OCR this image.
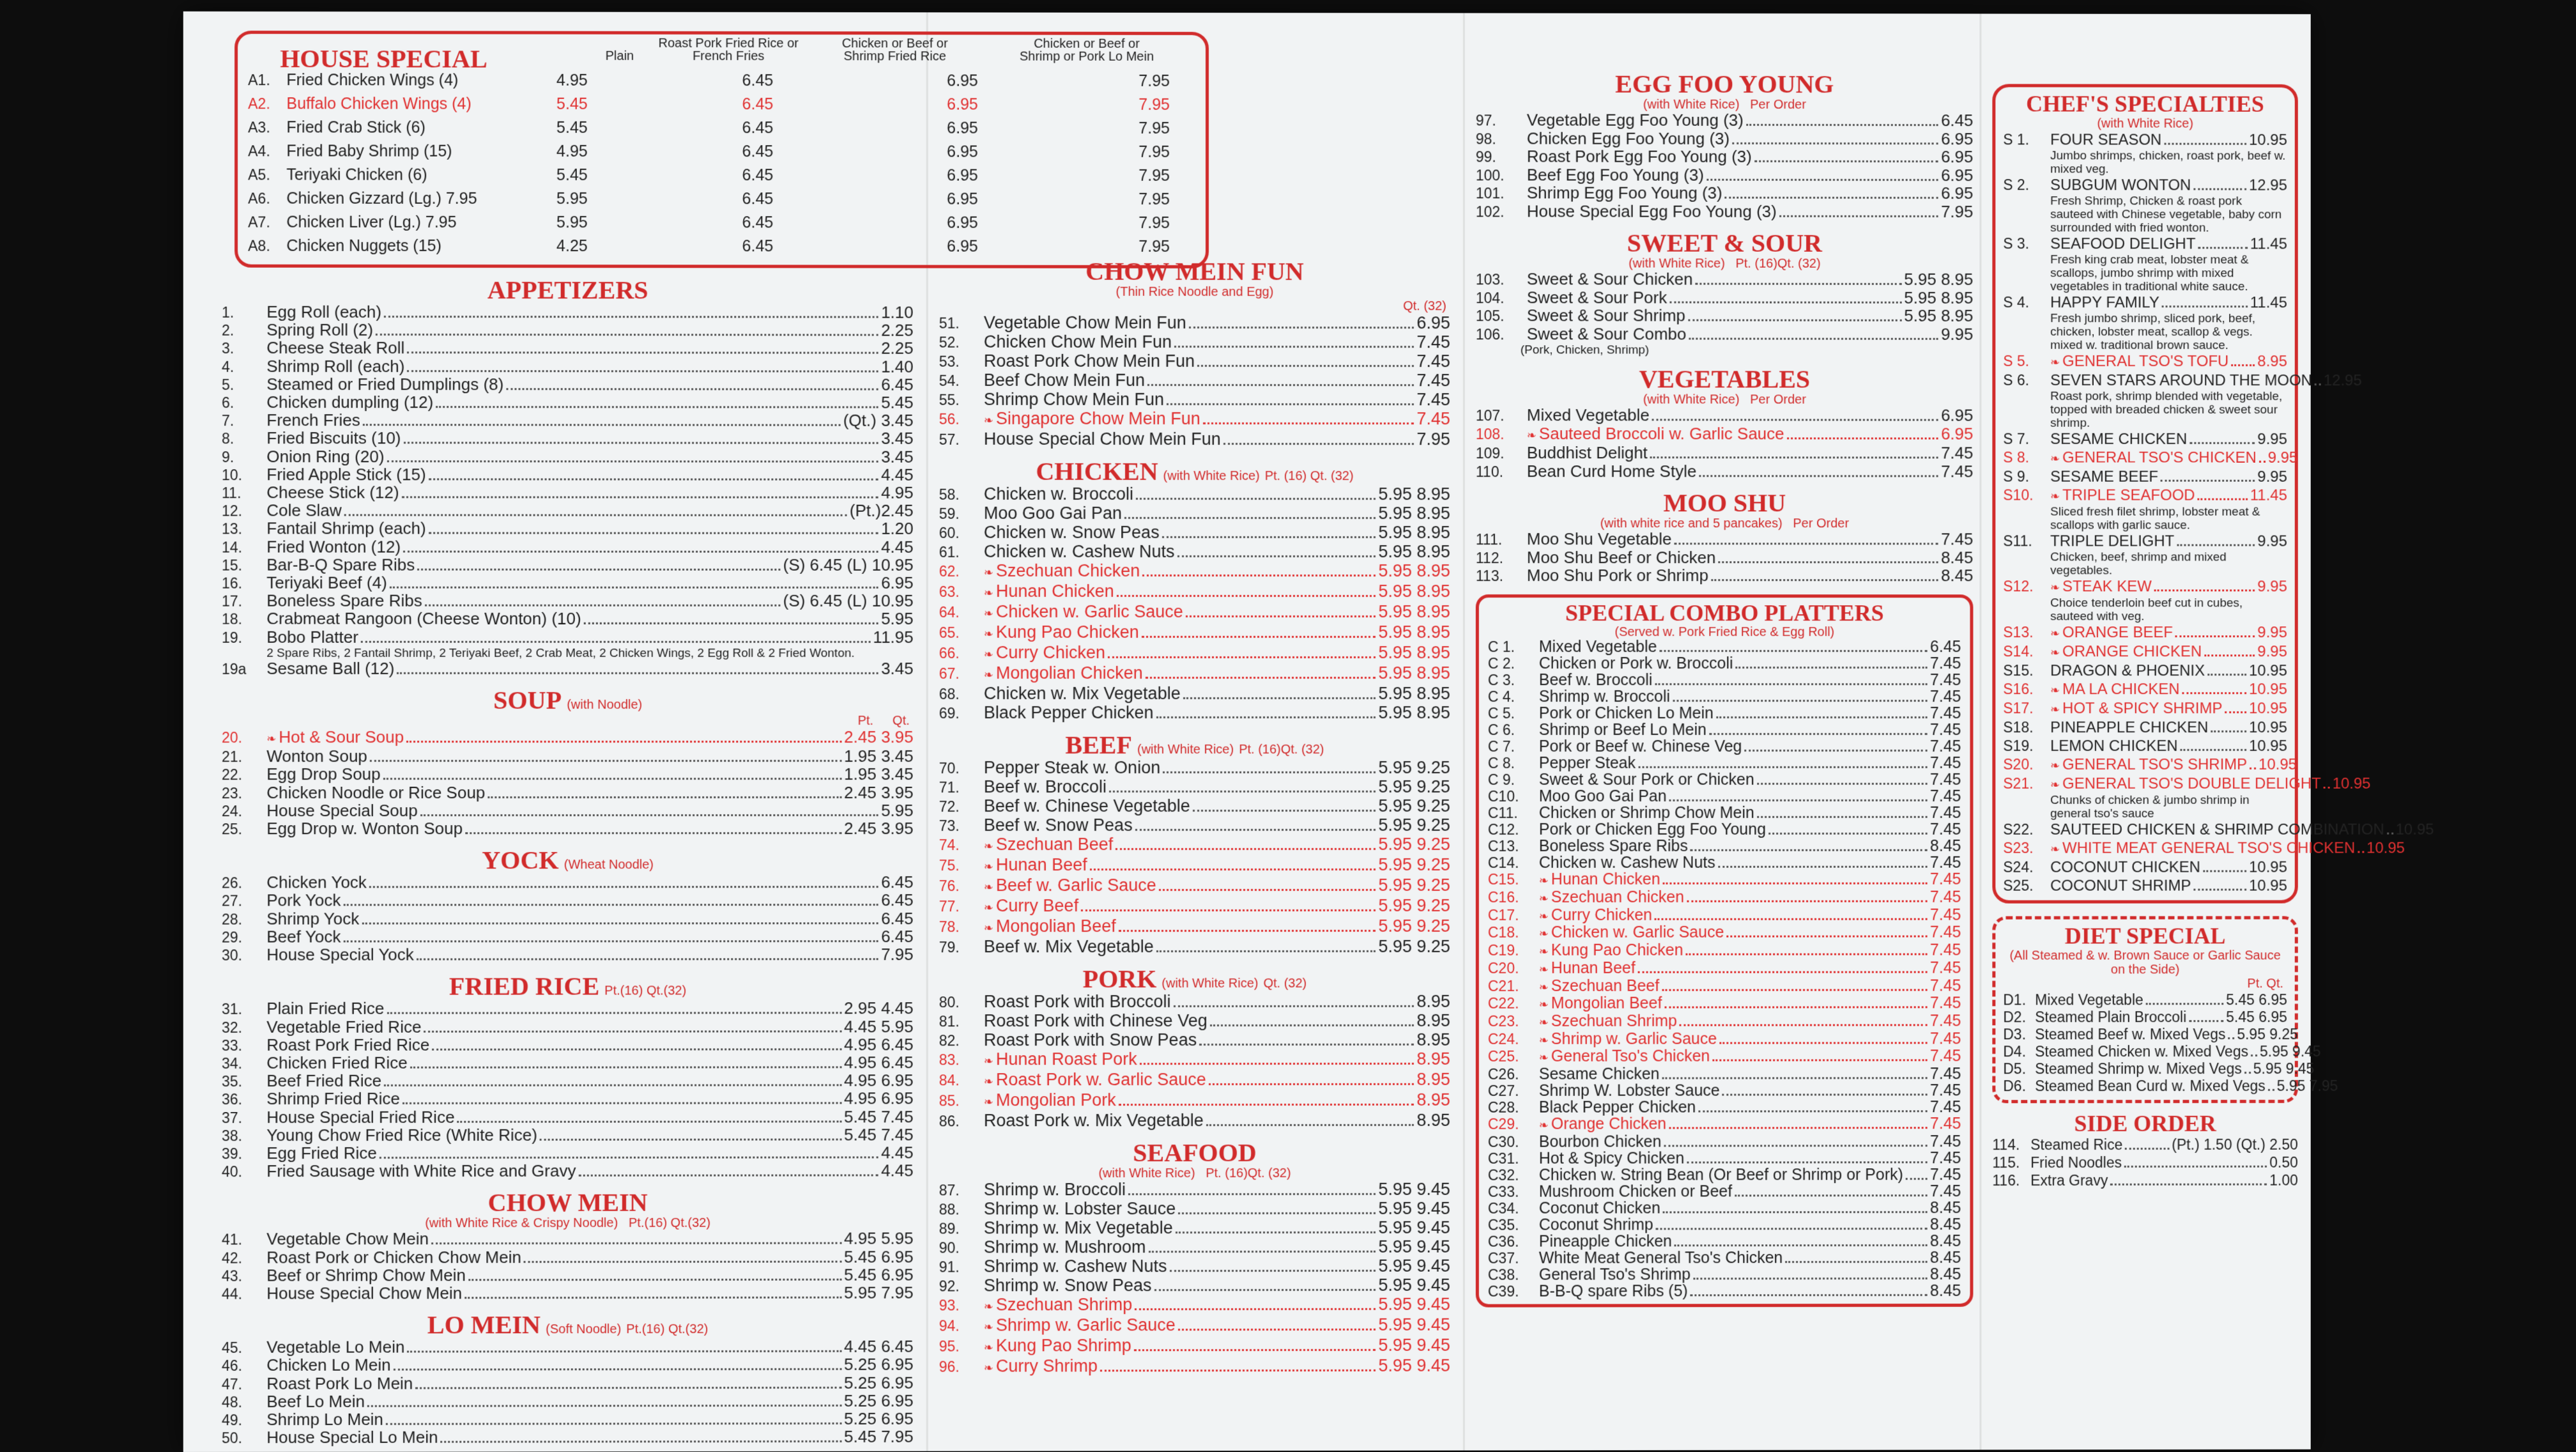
HOUSE SPECIAL	Plain
Roast Pork Fried Rice or French Fries
Chicken or Beef or Shrimp Fried Rice
Chicken or Beef or Shrimp or Pork Lo Mein
A1.	Fried Chicken Wings (4)	4.95	6.45	6.95	7.95
A2.	Buffalo Chicken Wings (4)	5.45	6.45	6.95	7.95
A3.	Fried Crab Stick (6)	5.45	6.45	6.95	7.95
A4.	Fried Baby Shrimp (15)	4.95	6.45	6.95	7.95
A5.	Teriyaki Chicken (6)	5.45	6.45	6.95	7.95
A6.	Chicken Gizzard (Lg.) 7.95	5.95	6.45	6.95	7.95
A7.	Chicken Liver (Lg.) 7.95	5.95	6.45	6.95	7.95
A8.	Chicken Nuggets (15)	4.25	6.45	6.95	7.95
APPETIZERS
1.	Egg Roll (each)	1.10
2.	Spring Roll (2)	2.25
3.	Cheese Steak Roll	2.25
4.	Shrimp Roll (each)	1.40
5.	Steamed or Fried Dumplings (8)	6.45
6.	Chicken dumpling (12)	5.45
7.	French Fries	(Qt.) 3.45
8.	Fried Biscuits (10)	3.45
9.	Onion Ring (20)	3.45
10.	Fried Apple Stick (15)	4.45
11.	Cheese Stick (12)	4.95
12.	Cole Slaw	(Pt.)2.45
13.	Fantail Shrimp (each)	1.20
14.	Fried Wonton (12)	4.45
15.	Bar-B-Q Spare Ribs	(S) 6.45 (L) 10.95
16.	Teriyaki Beef (4)	6.95
17.	Boneless Spare Ribs	(S) 6.45 (L) 10.95
18.	Crabmeat Rangoon (Cheese Wonton) (10)	5.95
19.	Bobo Platter	11.95
2 Spare Ribs, 2 Fantail Shrimp, 2 Teriyaki Beef, 2 Crab Meat, 2 Chicken Wings, 2 Egg Roll & 2 Fried Wonton.
19a	Sesame Ball (12)	3.45
SOUP (with Noodle)
Pt. Qt.
20.	❧ Hot & Sour Soup	2.45 3.95
21.	Wonton Soup	1.95 3.45
22.	Egg Drop Soup	1.95 3.45
23.	Chicken Noodle or Rice Soup	2.45 3.95
24.	House Special Soup	5.95
25.	Egg Drop w. Wonton Soup	2.45 3.95
YOCK (Wheat Noodle)
26.	Chicken Yock	6.45
27.	Pork Yock	6.45
28.	Shrimp Yock	6.45
29.	Beef Yock	6.45
30.	House Special Yock	7.95
FRIED RICE Pt.(16) Qt.(32)
31.	Plain Fried Rice	2.95 4.45
32.	Vegetable Fried Rice	4.45 5.95
33.	Roast Pork Fried Rice	4.95 6.45
34.	Chicken Fried Rice	4.95 6.45
35.	Beef Fried Rice	4.95 6.95
36.	Shrimp Fried Rice	4.95 6.95
37.	House Special Fried Rice	5.45 7.45
38.	Young Chow Fried Rice (White Rice)	5.45 7.45
39.	Egg Fried Rice	4.45
40.	Fried Sausage with White Rice and Gravy	4.45
CHOW MEIN
(with White Rice & Crispy Noodle) Pt.(16) Qt.(32)
41.	Vegetable Chow Mein	4.95 5.95
42.	Roast Pork or Chicken Chow Mein	5.45 6.95
43.	Beef or Shrimp Chow Mein	5.45 6.95
44.	House Special Chow Mein	5.95 7.95
LO MEIN (Soft Noodle) Pt.(16) Qt.(32)
45.	Vegetable Lo Mein	4.45 6.45
46.	Chicken Lo Mein	5.25 6.95
47.	Roast Pork Lo Mein	5.25 6.95
48.	Beef Lo Mein	5.25 6.95
49.	Shrimp Lo Mein	5.25 6.95
50.	House Special Lo Mein	5.45 7.95
CHOW MEIN FUN
(Thin Rice Noodle and Egg)
Qt. (32)
51.	Vegetable Chow Mein Fun	6.95
52.	Chicken Chow Mein Fun	7.45
53.	Roast Pork Chow Mein Fun	7.45
54.	Beef Chow Mein Fun	7.45
55.	Shrimp Chow Mein Fun	7.45
56.	❧ Singapore Chow Mein Fun	7.45
57.	House Special Chow Mein Fun	7.95
CHICKEN (with White Rice) Pt. (16) Qt. (32)
58.	Chicken w. Broccoli	5.95 8.95
59.	Moo Goo Gai Pan	5.95 8.95
60.	Chicken w. Snow Peas	5.95 8.95
61.	Chicken w. Cashew Nuts	5.95 8.95
62.	❧ Szechuan Chicken	5.95 8.95
63.	❧ Hunan Chicken	5.95 8.95
64.	❧ Chicken w. Garlic Sauce	5.95 8.95
65.	❧ Kung Pao Chicken	5.95 8.95
66.	❧ Curry Chicken	5.95 8.95
67.	❧ Mongolian Chicken	5.95 8.95
68.	Chicken w. Mix Vegetable	5.95 8.95
69.	Black Pepper Chicken	5.95 8.95
BEEF (with White Rice) Pt. (16)Qt. (32)
70.	Pepper Steak w. Onion	5.95 9.25
71.	Beef w. Broccoli	5.95 9.25
72.	Beef w. Chinese Vegetable	5.95 9.25
73.	Beef w. Snow Peas	5.95 9.25
74.	❧ Szechuan Beef	5.95 9.25
75.	❧ Hunan Beef	5.95 9.25
76.	❧ Beef w. Garlic Sauce	5.95 9.25
77.	❧ Curry Beef	5.95 9.25
78.	❧ Mongolian Beef	5.95 9.25
79.	Beef w. Mix Vegetable	5.95 9.25
PORK (with White Rice) Qt. (32)
80.	Roast Pork with Broccoli	8.95
81.	Roast Pork with Chinese Veg	8.95
82.	Roast Pork with Snow Peas	8.95
83.	❧ Hunan Roast Pork	8.95
84.	❧ Roast Pork w. Garlic Sauce	8.95
85.	❧ Mongolian Pork	8.95
86.	Roast Pork w. Mix Vegetable	8.95
SEAFOOD
(with White Rice) Pt. (16)Qt. (32)
87.	Shrimp w. Broccoli	5.95 9.45
88.	Shrimp w. Lobster Sauce	5.95 9.45
89.	Shrimp w. Mix Vegetable	5.95 9.45
90.	Shrimp w. Mushroom	5.95 9.45
91.	Shrimp w. Cashew Nuts	5.95 9.45
92.	Shrimp w. Snow Peas	5.95 9.45
93.	❧ Szechuan Shrimp	5.95 9.45
94.	❧ Shrimp w. Garlic Sauce	5.95 9.45
95.	❧ Kung Pao Shrimp	5.95 9.45
96.	❧ Curry Shrimp	5.95 9.45
EGG FOO YOUNG
(with White Rice) Per Order
97.	Vegetable Egg Foo Young (3)	6.45
98.	Chicken Egg Foo Young (3)	6.95
99.	Roast Pork Egg Foo Young (3)	6.95
100.	Beef Egg Foo Young (3)	6.95
101.	Shrimp Egg Foo Young (3)	6.95
102.	House Special Egg Foo Young (3)	7.95
SWEET & SOUR
(with White Rice) Pt. (16)Qt. (32)
103.	Sweet & Sour Chicken	5.95 8.95
104.	Sweet & Sour Pork	5.95 8.95
105.	Sweet & Sour Shrimp	5.95 8.95
106.	Sweet & Sour Combo	9.95
(Pork, Chicken, Shrimp)
VEGETABLES
(with White Rice) Per Order
107.	Mixed Vegetable	6.95
108.	❧ Sauteed Broccoli w. Garlic Sauce	6.95
109.	Buddhist Delight	7.45
110.	Bean Curd Home Style	7.45
MOO SHU
(with white rice and 5 pancakes) Per Order
111.	Moo Shu Vegetable	7.45
112.	Moo Shu Beef or Chicken	8.45
113.	Moo Shu Pork or Shrimp	8.45
SPECIAL COMBO PLATTERS
(Served w. Pork Fried Rice & Egg Roll)
C 1.	Mixed Vegetable	6.45
C 2.	Chicken or Pork w. Broccoli	7.45
C 3.	Beef w. Broccoli	7.45
C 4.	Shrimp w. Broccoli	7.45
C 5.	Pork or Chicken Lo Mein	7.45
C 6.	Shrimp or Beef Lo Mein	7.45
C 7.	Pork or Beef w. Chinese Veg	7.45
C 8.	Pepper Steak	7.45
C 9.	Sweet & Sour Pork or Chicken	7.45
C10.	Moo Goo Gai Pan	7.45
C11.	Chicken or Shrimp Chow Mein	7.45
C12.	Pork or Chicken Egg Foo Young	7.45
C13.	Boneless Spare Ribs	8.45
C14.	Chicken w. Cashew Nuts	7.45
C15.	❧ Hunan Chicken	7.45
C16.	❧ Szechuan Chicken	7.45
C17.	❧ Curry Chicken	7.45
C18.	❧ Chicken w. Garlic Sauce	7.45
C19.	❧ Kung Pao Chicken	7.45
C20.	❧ Hunan Beef	7.45
C21.	❧ Szechuan Beef	7.45
C22.	❧ Mongolian Beef	7.45
C23.	❧ Szechuan Shrimp	7.45
C24.	❧ Shrimp w. Garlic Sauce	7.45
C25.	❧ General Tso's Chicken	7.45
C26.	Sesame Chicken	7.45
C27.	Shrimp W. Lobster Sauce	7.45
C28.	Black Pepper Chicken	7.45
C29.	❧ Orange Chicken	7.45
C30.	Bourbon Chicken	7.45
C31.	Hot & Spicy Chicken	7.45
C32.	Chicken w. String Bean (Or Beef or Shrimp or Pork) 7.45
C33.	Mushroom Chicken or Beef	7.45
C34.	Coconut Chicken	8.45
C35.	Coconut Shrimp	8.45
C36.	Pineapple Chicken	8.45
C37.	White Meat General Tso's Chicken	8.45
C38.	General Tso's Shrimp	8.45
C39.	B-B-Q spare Ribs (5)	8.45
CHEF'S SPECIALTIES
(with White Rice)
S 1.	FOUR SEASON	10.95
Jumbo shrimps, chicken, roast pork, beef w. mixed veg.
S 2.	SUBGUM WONTON	12.95
Fresh Shrimp, Chicken & roast pork sauteed with Chinese vegetable, baby corn surrounded with fried wonton.
S 3.	SEAFOOD DELIGHT	11.45
Fresh king crab meat, lobster meat & scallops, jumbo shrimp with mixed vegetables in traditional white sauce.
S 4.	HAPPY FAMILY	11.45
Fresh jumbo shrimp, sliced pork, beef, chicken, lobster meat, scallop & vegs. mixed w. traditional brown sauce.
S 5.	❧ GENERAL TSO'S TOFU 8.95
S 6.	SEVEN STARS AROUND THE MOON 12.95
Roast pork, shrimp blended with vegetable, topped with breaded chicken & sweet sour shrimp.
S 7.	SESAME CHICKEN	9.95
S 8.	❧ GENERAL TSO'S CHICKEN 9.95
S 9.	SESAME BEEF	9.95
S10.	❧ TRIPLE SEAFOOD	11.45
Sliced fresh filet shrimp, lobster meat & scallops with garlic sauce.
S11.	TRIPLE DELIGHT	9.95
Chicken, beef, shrimp and mixed vegetables.
S12.	❧ STEAK KEW	9.95
Choice tenderloin beef cut in cubes, sauteed with veg.
S13.	❧ ORANGE BEEF	9.95
S14.	❧ ORANGE CHICKEN	9.95
S15.	DRAGON & PHOENIX	10.95
S16.	❧ MA LA CHICKEN	10.95
S17.	❧ HOT & SPICY SHRIMP 10.95
S18.	PINEAPPLE CHICKEN	10.95
S19.	LEMON CHICKEN	10.95
S20.	❧ GENERAL TSO'S SHRIMP 10.95
S21.	❧ GENERAL TSO'S DOUBLE DELIGHT 10.95
Chunks of chicken & jumbo shrimp in general tso's sauce
S22.	SAUTEED CHICKEN & SHRIMP COMBINATION 10.95
S23.	❧ WHITE MEAT GENERAL TSO'S CHICKEN 10.95
S24.	COCONUT CHICKEN	10.95
S25.	COCONUT SHRIMP	10.95
DIET SPECIAL
(All Steamed & w. Brown Sauce or Garlic Sauce on the Side)
Pt. Qt.
D1. Mixed Vegetable	5.45 6.95
D2. Steamed Plain Broccoli	5.45 6.95
D3. Steamed Beef w. Mixed Vegs 5.95 9.25
D4. Steamed Chicken w. Mixed Vegs 5.95 9.45
D5. Steamed Shrimp w. Mixed Vegs 5.95 9.45
D6. Steamed Bean Curd w. Mixed Vegs 5.95 7.95
SIDE ORDER
114. Steamed Rice	(Pt.) 1.50 (Qt.) 2.50
115. Fried Noodles	0.50
116. Extra Gravy	1.00
